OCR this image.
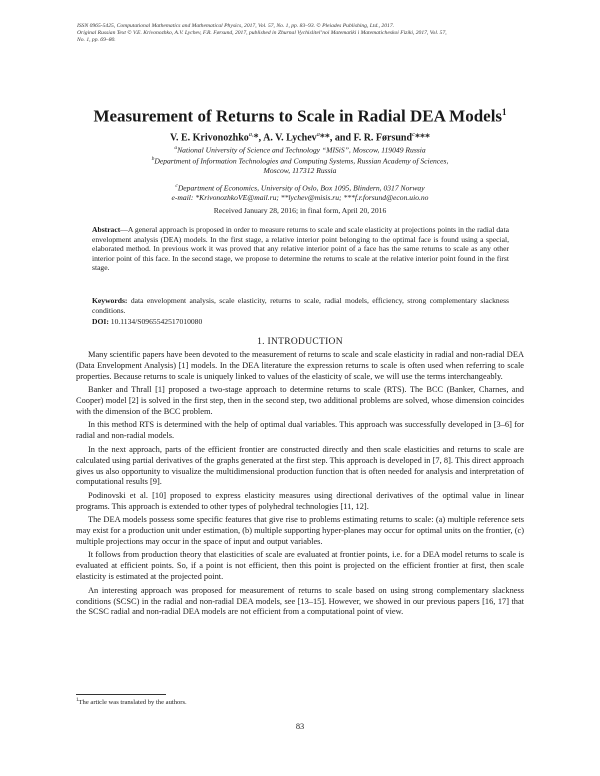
ISSN 0965-5425, Computational Mathematics and Mathematical Physics, 2017, Vol. 57, No. 1, pp. 83–93. © Pleiades Publishing, Ltd., 2017.
Original Russian Text © V.E. Krivonozhko, A.V. Lychev, F.R. Førsund, 2017, published in Zhurnal Vychislitel’noi Matematiki i Matematicheskoi Fiziki, 2017, Vol. 57,
No. 1, pp. 69–80.
Measurement of Returns to Scale in Radial DEA Models$^1$
V. E. Krivonozhko$^{a,}$*, A. V. Lychev$^a$**, and F. R. Førsund$^c$***
$^a$National University of Science and Technology “MISiS”, Moscow, 119049 Russia
$^b$Department of Information Technologies and Computing Systems, Russian Academy of Sciences,
Moscow, 117312 Russia
$^c$Department of Economics, University of Oslo, Box 1095, Blindern, 0317 Norway
e-mail: *KrivonozhkoVE@mail.ru; **lychev@misis.ru; ***f.r.forsund@econ.uio.no
Received January 28, 2016; in final form, April 20, 2016
Abstract—A general approach is proposed in order to measure returns to scale and scale elasticity at projections points in the radial data envelopment analysis (DEA) models. In the first stage, a relative interior point belonging to the optimal face is found using a special, elaborated method. In previous work it was proved that any relative interior point of a face has the same returns to scale as any other interior point of this face. In the second stage, we propose to determine the returns to scale at the relative interior point found in the first stage.
Keywords: data envelopment analysis, scale elasticity, returns to scale, radial models, efficiency, strong complementary slackness conditions.
DOI: 10.1134/S0965542517010080
1. INTRODUCTION

Many scientific papers have been devoted to the measurement of returns to scale and scale elasticity in radial and non-radial DEA (Data Envelopment Analysis) [1] models. In the DEA literature the expression returns to scale is often used when referring to scale properties. Because returns to scale is uniquely linked to values of the elasticity of scale, we will use the terms interchangeably.

Banker and Thrall [1] proposed a two-stage approach to determine returns to scale (RTS). The BCC (Banker, Charnes, and Cooper) model [2] is solved in the first step, then in the second step, two additional problems are solved, whose dimension coincides with the dimension of the BCC problem.

In this method RTS is determined with the help of optimal dual variables. This approach was successfully developed in [3–6] for radial and non-radial models.

In the next approach, parts of the efficient frontier are constructed directly and then scale elasticities and returns to scale are calculated using partial derivatives of the graphs generated at the first step. This approach is developed in [7, 8]. This direct approach gives us also opportunity to visualize the multidimensional production function that is often needed for analysis and interpretation of computational results [9].

Podinovski et al. [10] proposed to express elasticity measures using directional derivatives of the optimal value in linear programs. This approach is extended to other types of polyhedral technologies [11, 12].

The DEA models possess some specific features that give rise to problems estimating returns to scale: (a) multiple reference sets may exist for a production unit under estimation, (b) multiple supporting hyper-planes may occur for optimal units on the frontier, (c) multiple projections may occur in the space of input and output variables.

It follows from production theory that elasticities of scale are evaluated at frontier points, i.e. for a DEA model returns to scale is evaluated at efficient points. So, if a point is not efficient, then this point is projected on the efficient frontier at first, then scale elasticity is estimated at the projected point.

An interesting approach was proposed for measurement of returns to scale based on using strong complementary slackness conditions (SCSC) in the radial and non-radial DEA models, see [13–15]. However, we showed in our previous papers [16, 17] that the SCSC radial and non-radial DEA models are not efficient from a computational point of view.

$^1$The article was translated by the authors.
83
